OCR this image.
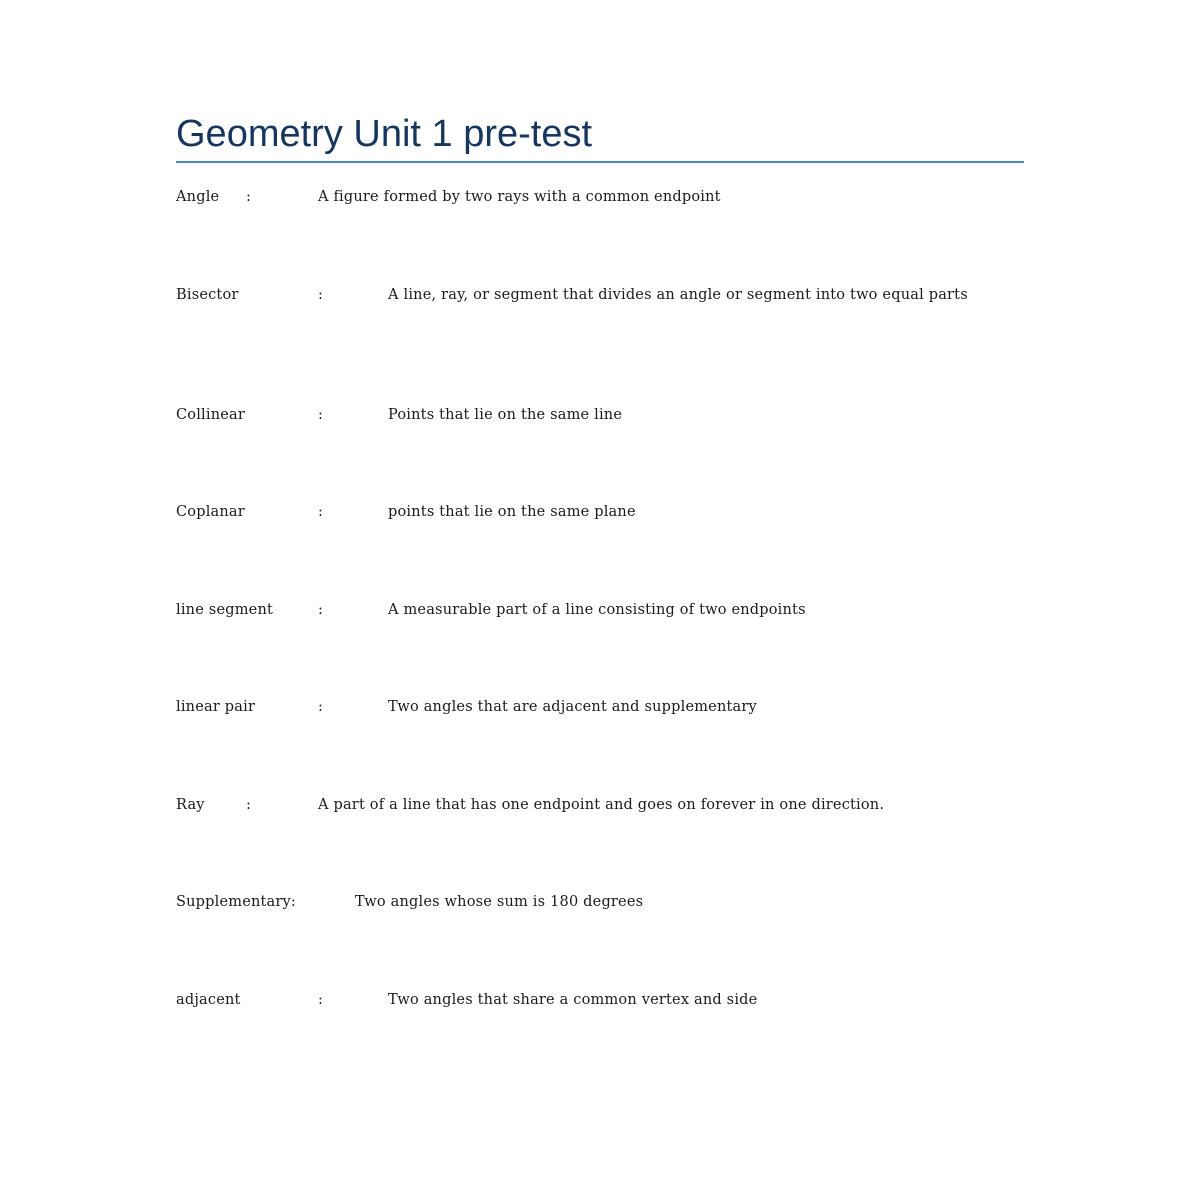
Geometry Unit 1 pre-test
Angle :	A figure formed by two rays with a common endpoint
Bisector	:	A line, ray, or segment that divides an angle or segment into two equal parts
Collinear	:	Points that lie on the same line
Coplanar	:	points that lie on the same plane
line segment	:	A measurable part of a line consisting of two endpoints
linear pair	:	Two angles that are adjacent and supplementary
Ray	:	A part of a line that has one endpoint and goes on forever in one direction.
Supplementary:	Two angles whose sum is 180 degrees
adjacent	:	Two angles that share a common vertex and side
